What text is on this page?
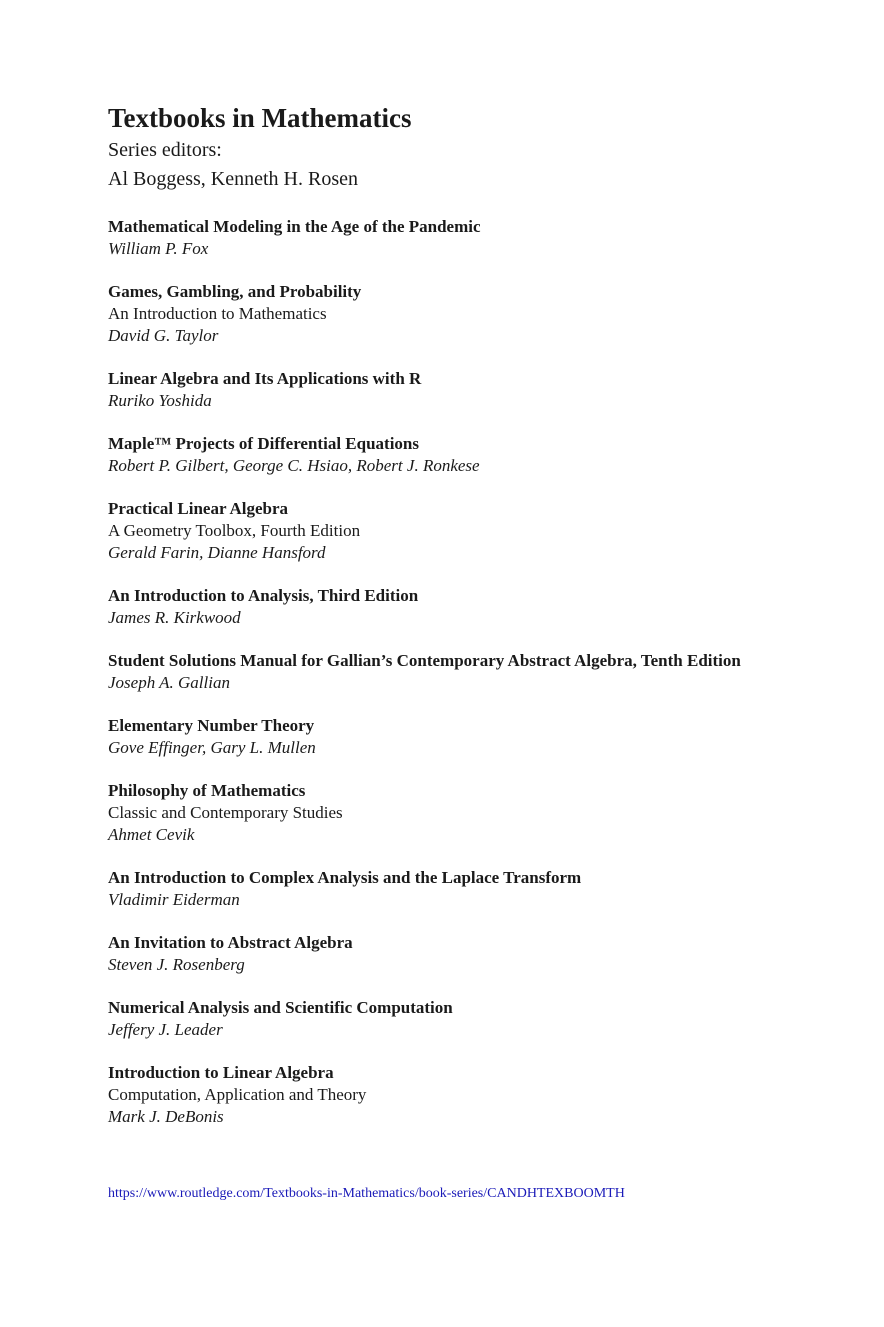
Textbooks in Mathematics

Series editors:

Al Boggess, Kenneth H. Rosen

Mathematical Modeling in the Age of the Pandemic
William P. Fox
Games, Gambling, and Probability
An Introduction to Mathematics
David G. Taylor
Linear Algebra and Its Applications with R
Ruriko Yoshida
Maple™ Projects of Differential Equations
Robert P. Gilbert, George C. Hsiao, Robert J. Ronkese
Practical Linear Algebra
A Geometry Toolbox, Fourth Edition
Gerald Farin, Dianne Hansford
An Introduction to Analysis, Third Edition
James R. Kirkwood
Student Solutions Manual for Gallian’s Contemporary Abstract Algebra, Tenth Edition
Joseph A. Gallian
Elementary Number Theory
Gove Effinger, Gary L. Mullen
Philosophy of Mathematics
Classic and Contemporary Studies
Ahmet Cevik
An Introduction to Complex Analysis and the Laplace Transform
Vladimir Eiderman
An Invitation to Abstract Algebra
Steven J. Rosenberg
Numerical Analysis and Scientific Computation
Jeffery J. Leader
Introduction to Linear Algebra
Computation, Application and Theory
Mark J. DeBonis
https://www.routledge.com/Textbooks-in-Mathematics/book-series/CANDHTEXBOOMTH
